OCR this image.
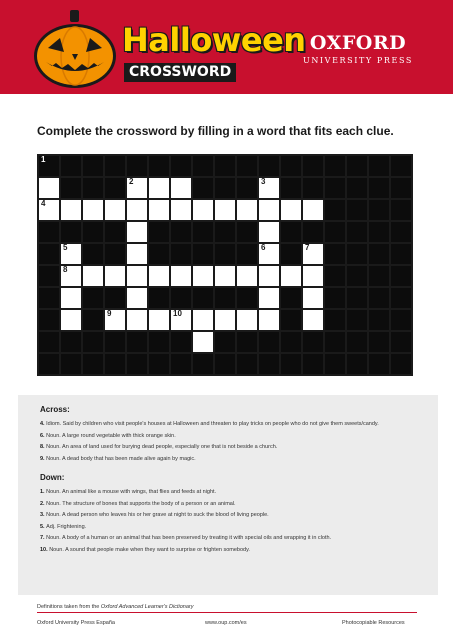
Halloween
CROSSWORD
OXFORD
UNIVERSITY PRESS
Complete the crossword by filling in a word that fits each clue.
1
2	3
4
5	6	7
8
9	10
Across:
4. Idiom. Said by children who visit people's houses at Halloween and threaten to play tricks on people who do not give them sweets/candy.
6. Noun. A large round vegetable with thick orange skin.
8. Noun. An area of land used for burying dead people, especially one that is not beside a church.
9. Noun. A dead body that has been made alive again by magic.
Down:
1. Noun. An animal like a mouse with wings, that flies and feeds at night.
2. Noun. The structure of bones that supports the body of a person or an animal.
3. Noun. A dead person who leaves his or her grave at night to suck the blood of living people.
5. Adj. Frightening.
7. Noun. A body of a human or an animal that has been preserved by treating it with special oils and wrapping it in cloth.
10. Noun. A sound that people make when they want to surprise or frighten somebody.
Definitions taken from the Oxford Advanced Learner's Dictionary
Oxford University Press España	www.oup.com/es	Photocopiable Resources
